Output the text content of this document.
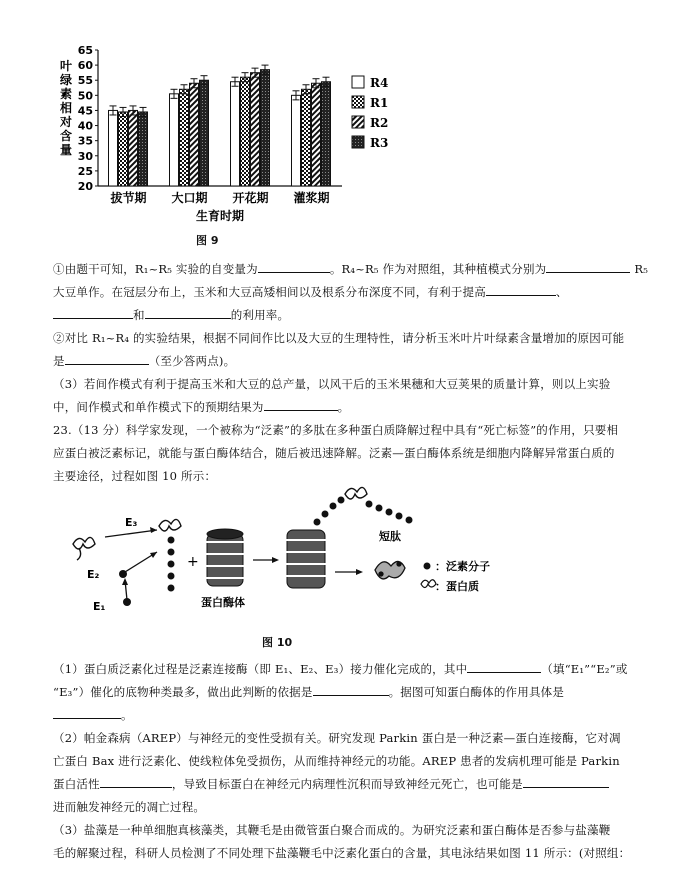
20
25
30
35
40
45
50
55
60
65
叶
绿
素
相
对
含
量
拔节期 大口期 开花期 灌浆期
生育时期
R4
R1
R2
R3
图 9
①由题干可知，R₁~R₅ 实验的自变量为	。R₄~R₅ 作为对照组，其种植模式分别为	R₅
大豆单作。在冠层分布上，玉米和大豆高矮相间以及根系分布深度不同，有利于提高	、
和	的利用率。
②对比 R₁~R₄ 的实验结果，根据不同间作比以及大豆的生理特性，请分析玉米叶片叶绿素含量增加的原因可能
是	（至少答两点)。
（3）若间作模式有利于提高玉米和大豆的总产量，以风干后的玉米果穗和大豆荚果的质量计算，则以上实验
中，间作模式和单作模式下的预期结果为	。
23.（13 分）科学家发现，一个被称为“泛素”的多肽在多种蛋白质降解过程中具有“死亡标签”的作用，只要相
应蛋白被泛素标记，就能与蛋白酶体结合，随后被迅速降解。泛素—蛋白酶体系统是细胞内降解异常蛋白质的
主要途径，过程如图 10 所示：
E₃
E₂
E₁
+
蛋白酶体
短肽
：泛素分子
：蛋白质
图 10
（1）蛋白质泛素化过程是泛素连接酶（即 E₁、E₂、E₃）接力催化完成的，其中	（填“E₁”“E₂”或
“E₃”）催化的底物种类最多，做出此判断的依据是	。据图可知蛋白酶体的作用具体是
。
（2）帕金森病（AREP）与神经元的变性受损有关。研究发现 Parkin 蛋白是一种泛素—蛋白连接酶，它对凋
亡蛋白 Bax 进行泛素化、使线粒体免受损伤，从而维持神经元的功能。AREP 患者的发病机理可能是 Parkin
蛋白活性	，导致目标蛋白在神经元内病理性沉积而导致神经元死亡，也可能是
进而触发神经元的凋亡过程。
（3）盐藻是一种单细胞真核藻类，其鞭毛是由微管蛋白聚合而成的。为研究泛素和蛋白酶体是否参与盐藻鞭
毛的解聚过程，科研人员检测了不同处理下盐藻鞭毛中泛素化蛋白的含量，其电泳结果如图 11 所示：(对照组：
